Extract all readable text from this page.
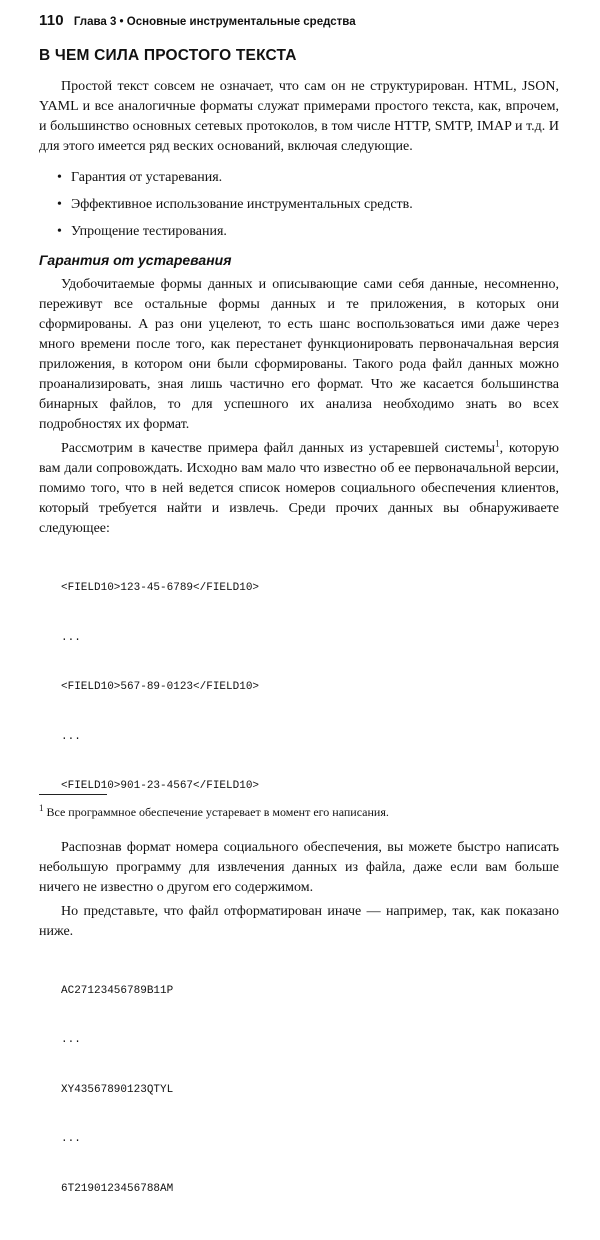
110 Глава 3 • Основные инструментальные средства
В ЧЕМ СИЛА ПРОСТОГО ТЕКСТА

Простой текст совсем не означает, что сам он не структурирован. HTML, JSON, YAML и все аналогичные форматы служат примерами простого текста, как, впрочем, и большинство основных сетевых протоколов, в том числе HTTP, SMTP, IMAP и т.д. И для этого имеется ряд веских оснований, включая следующие.

• Гарантия от устаревания.
• Эффективное использование инструментальных средств.
• Упрощение тестирования.
Гарантия от устаревания

Удобочитаемые формы данных и описывающие сами себя данные, несомненно, переживут все остальные формы данных и те приложения, в которых они сформированы. А раз они уцелеют, то есть шанс воспользоваться ими даже через много времени после того, как перестанет функционировать первоначальная версия приложения, в котором они были сформированы. Такого рода файл данных можно проанализировать, зная лишь частично его формат. Что же касается большинства бинарных файлов, то для успешного их анализа необходимо знать во всех подробностях их формат.

Рассмотрим в качестве примера файл данных из устаревшей системы$^1$, которую вам дали сопровождать. Исходно вам мало что известно об ее первоначальной версии, помимо того, что в ней ведется список номеров социального обеспечения клиентов, который требуется найти и извлечь. Среди прочих данных вы обнаруживаете следующее:

<FIELD10>123-45-6789</FIELD10>

...

<FIELD10>567-89-0123</FIELD10>

...

<FIELD10>901-23-4567</FIELD10>

Распознав формат номера социального обеспечения, вы можете быстро написать небольшую программу для извлечения данных из файла, даже если вам больше ничего не известно о другом его содержимом.

Но представьте, что файл отформатирован иначе — например, так, как показано ниже.

AC27123456789B11P

...

XY43567890123QTYL

...

6T2190123456788AM

$^1$ Все программное обеспечение устаревает в момент его написания.
